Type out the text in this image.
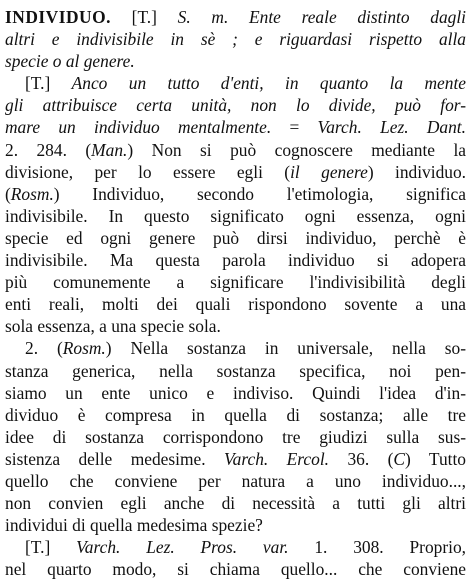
INDIVIDUO. [T.] S. m. Ente reale distinto dagli
altri e indivisibile in sè ; e riguardasi rispetto alla
specie o al genere.
[T.] Anco un tutto d'enti, in quanto la mente
gli attribuisce certa unità, non lo divide, può for-
mare un individuo mentalmente. = Varch. Lez. Dant.
2. 284. (Man.) Non si può cognoscere mediante la
divisione, per lo essere egli (il genere) individuo.
(Rosm.) Individuo, secondo l'etimologia, significa
indivisibile. In questo significato ogni essenza, ogni
specie ed ogni genere può dirsi individuo, perchè è
indivisibile. Ma questa parola individuo si adopera
più comunemente a significare l'indivisibilità degli
enti reali, molti dei quali rispondono sovente a una
sola essenza, a una specie sola.
2. (Rosm.) Nella sostanza in universale, nella so-
stanza generica, nella sostanza specifica, noi pen-
siamo un ente unico e indiviso. Quindi l'idea d'in-
dividuo è compresa in quella di sostanza; alle tre
idee di sostanza corrispondono tre giudizi sulla sus-
sistenza delle medesime. Varch. Ercol. 36. (C) Tutto
quello che conviene per natura a uno individuo...,
non convien egli anche di necessità a tutti gli altri
individui di quella medesima spezie?
[T.] Varch. Lez. Pros. var. 1. 308. Proprio,
nel quarto modo, si chiama quello... che conviene
